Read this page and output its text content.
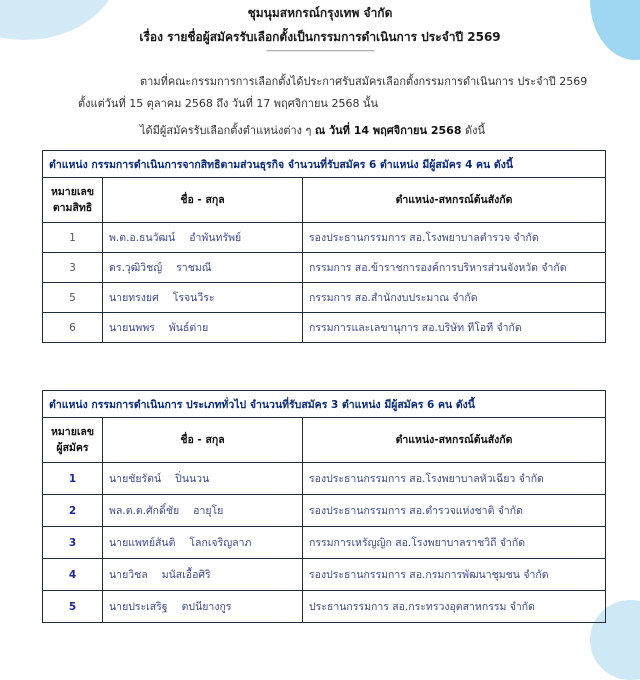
ชุมนุมสหกรณ์กรุงเทพ จำกัด
เรื่อง รายชื่อผู้สมัครรับเลือกตั้งเป็นกรรมการดำเนินการ ประจำปี 2569
------------------------------------------------
ตามที่คณะกรรมการการเลือกตั้งได้ประกาศรับสมัครเลือกตั้งกรรมการดำเนินการ ประจำปี 2569
ตั้งแต่วันที่ 15 ตุลาคม 2568 ถึง วันที่ 17 พฤศจิกายน 2568 นั้น
ได้มีผู้สมัครรับเลือกตั้งตำแหน่งต่าง ๆ ณ วันที่ 14 พฤศจิกายน 2568 ดังนี้
ตำแหน่ง กรรมการดำเนินการจากสิทธิตามส่วนธุรกิจ จำนวนที่รับสมัคร 6 ตำแหน่ง มีผู้สมัคร 4 คน ดังนี้		
หมายเลข
ตามสิทธิ	ชื่อ - สกุล	ตำแหน่ง-สหกรณ์ต้นสังกัด
1	พ.ต.อ.ธนวัฒน์ อำพันทรัพย์	รองประธานกรรมการ สอ.โรงพยาบาลตำรวจ จำกัด
3	ดร.วุฒิวิชญ์ ราชมณี	กรรมการ สอ.ข้าราชการองค์การบริหารส่วนจังหวัด จำกัด
5	นายทรงยศ โรจนวีระ	กรรมการ สอ.สำนักงบประมาณ จำกัด
6	นายนพพร พันธ์ต่าย	กรรมการและเลขานุการ สอ.บริษัท ทีโอที จำกัด
ตำแหน่ง กรรมการดำเนินการ ประเภททั่วไป จำนวนที่รับสมัคร 3 ตำแหน่ง มีผู้สมัคร 6 คน ดังนี้		
หมายเลข
ผู้สมัคร	ชื่อ - สกุล	ตำแหน่ง-สหกรณ์ต้นสังกัด
1	นายชัยรัตน์ ปิ่นนวน	รองประธานกรรมการ สอ.โรงพยาบาลหัวเฉียว จำกัด
2	พล.ต.ต.ศักดิ์ชัย อายุโย	รองประธานกรรมการ สอ.ตำรวจแห่งชาติ จำกัด
3	นายแพทย์สันติ โลกเจริญลาภ	กรรมการเหรัญญิก สอ.โรงพยาบาลราชวิถี จำกัด
4	นายวิชล มนัสเอื้อศิริ	รองประธานกรรมการ สอ.กรมการพัฒนาชุมชน จำกัด
5	นายประเสริฐ ตปนียางกูร	ประธานกรรมการ สอ.กระทรวงอุตสาหกรรม จำกัด
